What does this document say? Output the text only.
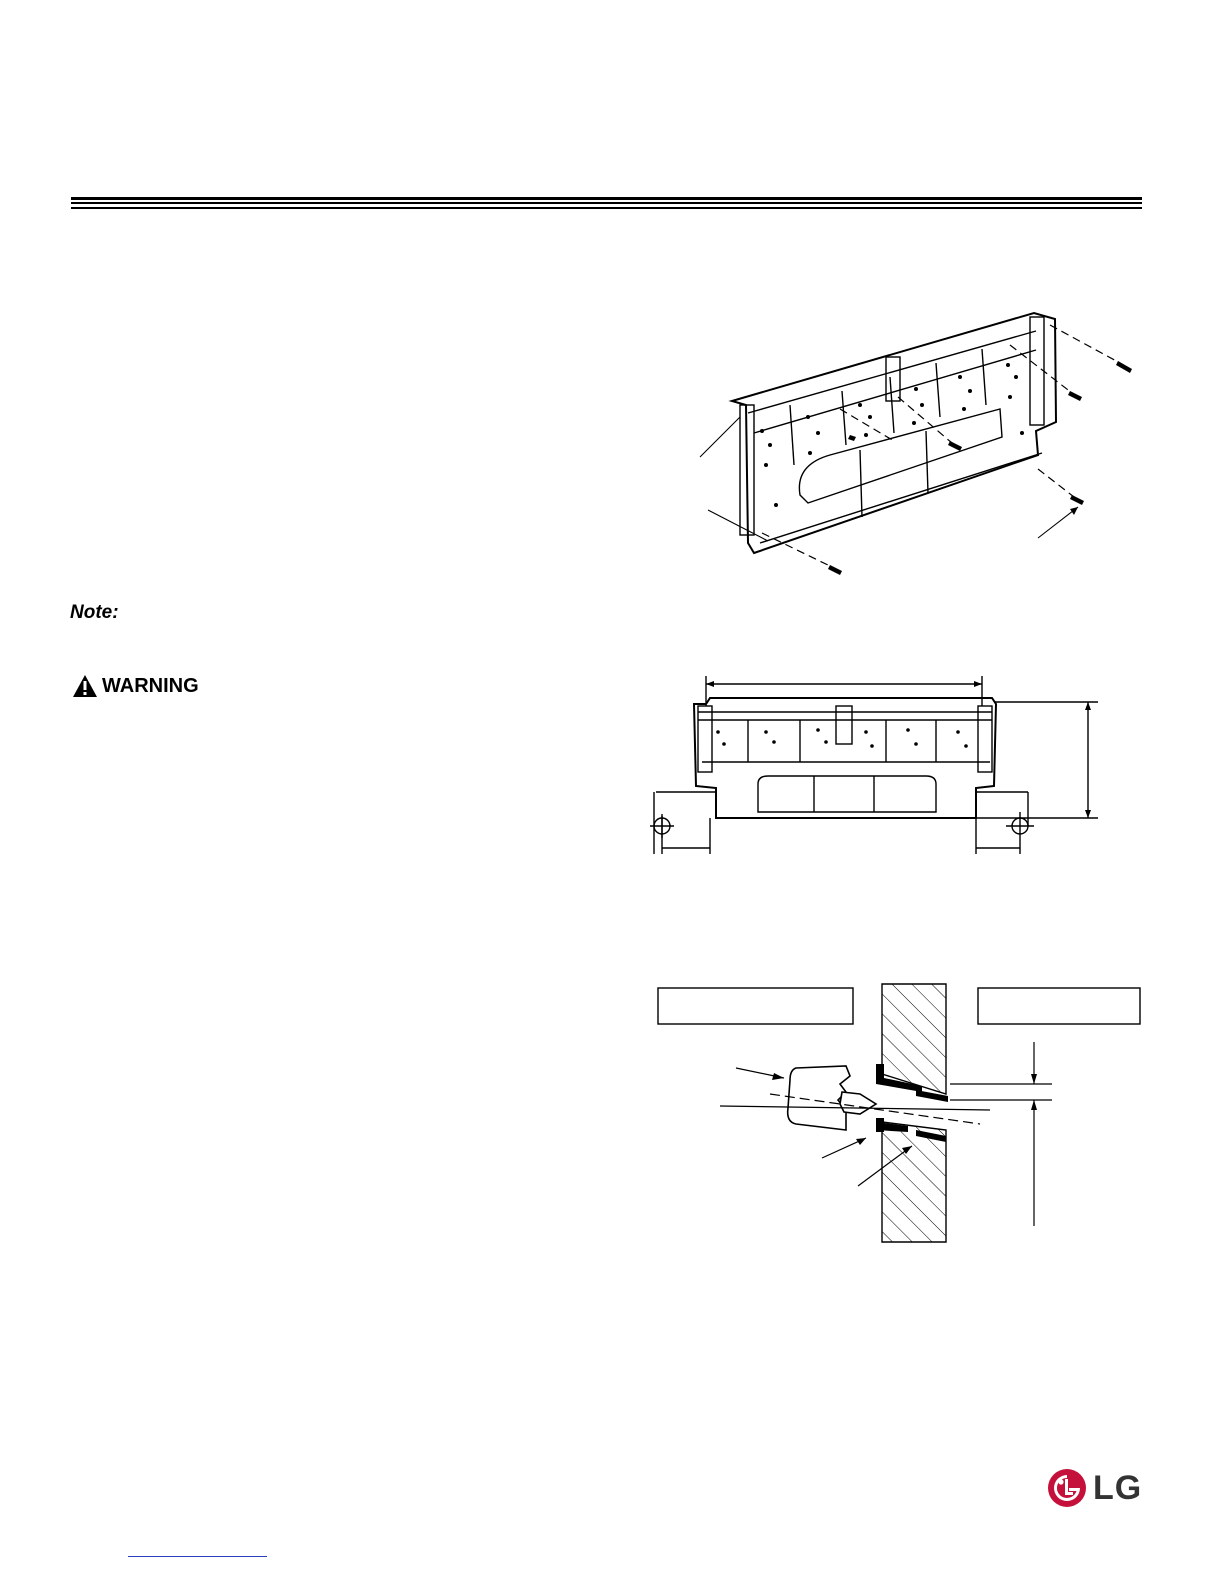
Note:
WARNING
LG
